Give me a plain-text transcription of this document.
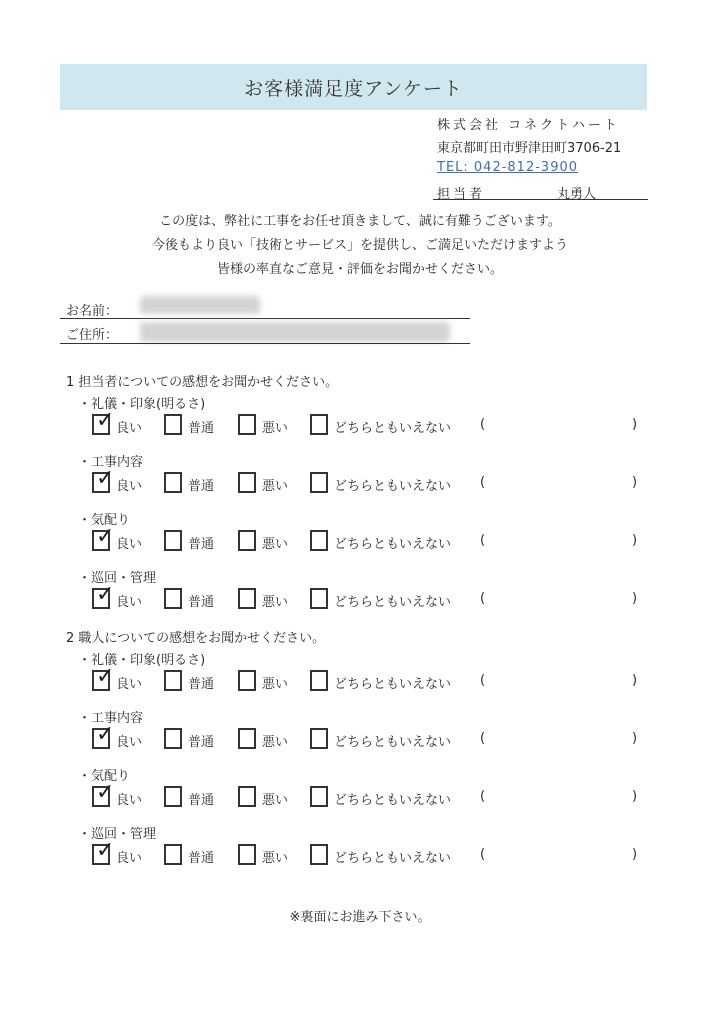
お客様満足度アンケート
株式会社 コネクトハート
東京都町田市野津田町3706-21
TEL: 042-812-3900
担当者	丸勇人
この度は、弊社に工事をお任せ頂きまして、誠に有難うございます。
今後もより良い「技術とサービス」を提供し、ご満足いただけますよう
皆様の率直なご意見・評価をお聞かせください。
お名前：
ご住所：
1 担当者についての感想をお聞かせください。
・礼儀・印象(明るさ)
✓ 良い	普通	悪い	どちらともいえない (	)
・工事内容
✓ 良い	普通	悪い	どちらともいえない (	)
・気配り
✓ 良い	普通	悪い	どちらともいえない (	)
・巡回・管理
✓ 良い	普通	悪い	どちらともいえない (	)
2 職人についての感想をお聞かせください。
・礼儀・印象(明るさ)
✓ 良い	普通	悪い	どちらともいえない (	)
・工事内容
✓ 良い	普通	悪い	どちらともいえない (	)
・気配り
✓ 良い	普通	悪い	どちらともいえない (	)
・巡回・管理
✓ 良い	普通	悪い	どちらともいえない (	)
※裏面にお進み下さい。
